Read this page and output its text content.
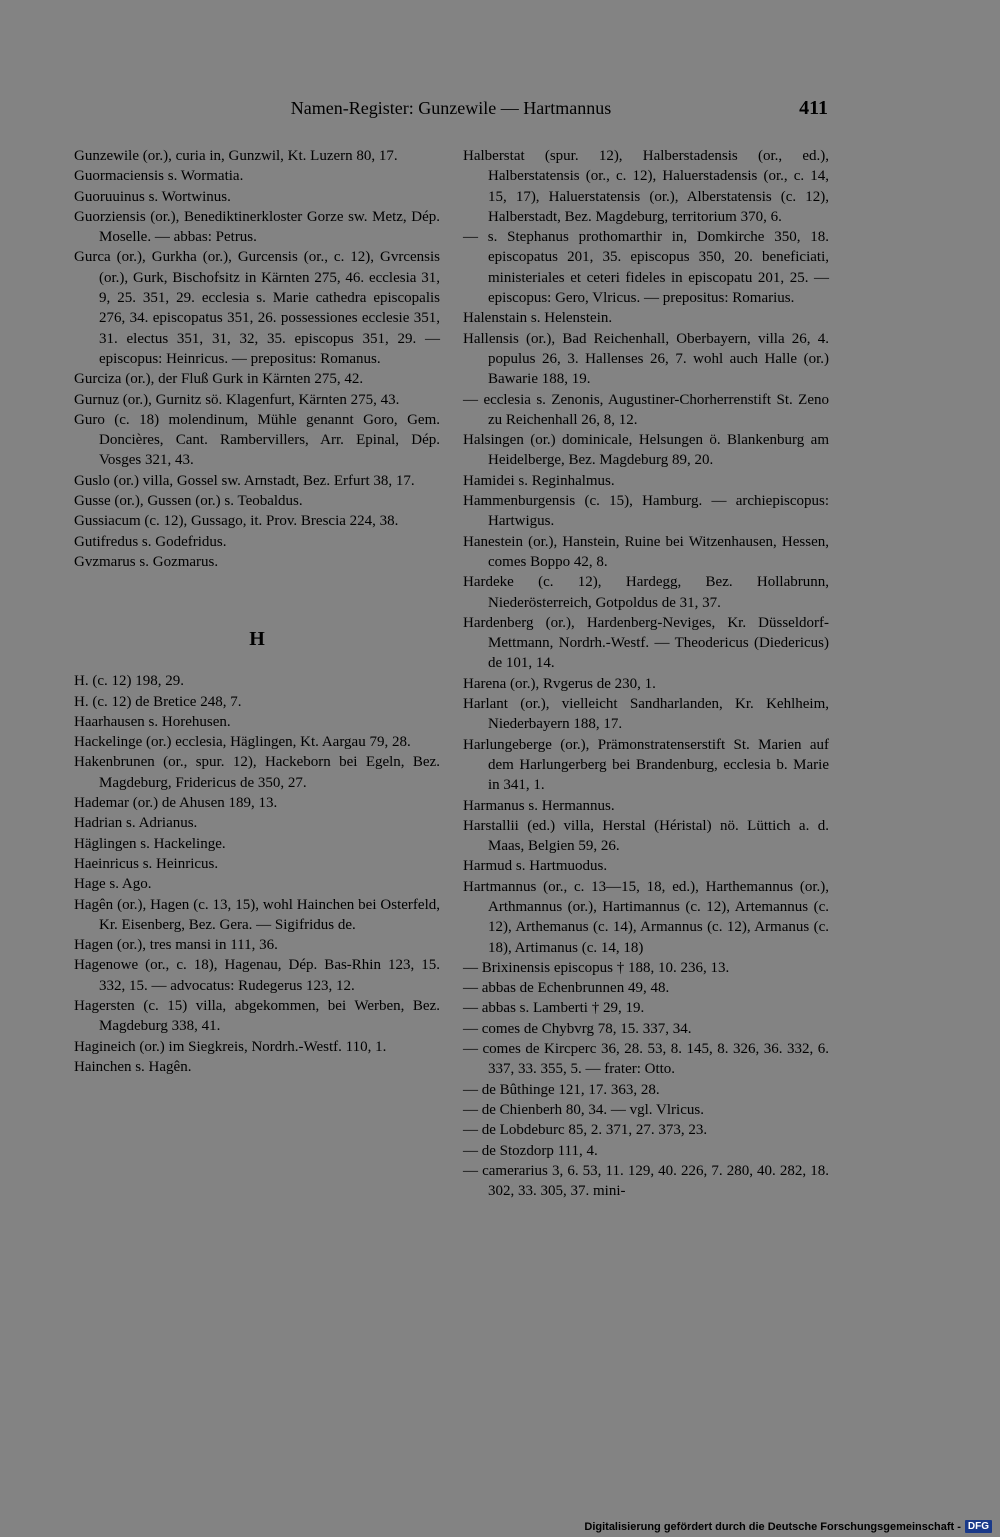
Namen-Register: Gunzewile — Hartmannus	411
Gunzewile (or.), curia in, Gunzwil, Kt. Luzern 80, 17.
Guormaciensis s. Wormatia.
Guoruuinus s. Wortwinus.
Guorziensis (or.), Benediktinerkloster Gorze sw. Metz, Dép. Moselle. — abbas: Petrus.
Gurca (or.), Gurkha (or.), Gurcensis (or., c. 12), Gvrcensis (or.), Gurk, Bischofsitz in Kärnten 275, 46. ecclesia 31, 9, 25. 351, 29. ecclesia s. Marie cathedra episcopalis 276, 34. episcopatus 351, 26. possessiones ecclesie 351, 31. electus 351, 31, 32, 35. episcopus 351, 29. — episcopus: Heinricus. — prepositus: Romanus.
Gurciza (or.), der Fluß Gurk in Kärnten 275, 42.
Gurnuz (or.), Gurnitz sö. Klagenfurt, Kärnten 275, 43.
Guro (c. 18) molendinum, Mühle genannt Goro, Gem. Doncières, Cant. Rambervillers, Arr. Epinal, Dép. Vosges 321, 43.
Guslo (or.) villa, Gossel sw. Arnstadt, Bez. Erfurt 38, 17.
Gusse (or.), Gussen (or.) s. Teobaldus.
Gussiacum (c. 12), Gussago, it. Prov. Brescia 224, 38.
Gutifredus s. Godefridus.
Gvzmarus s. Gozmarus.
H
H. (c. 12) 198, 29.
H. (c. 12) de Bretice 248, 7.
Haarhausen s. Horehusen.
Hackelinge (or.) ecclesia, Häglingen, Kt. Aargau 79, 28.
Hakenbrunen (or., spur. 12), Hackeborn bei Egeln, Bez. Magdeburg, Fridericus de 350, 27.
Hademar (or.) de Ahusen 189, 13.
Hadrian s. Adrianus.
Häglingen s. Hackelinge.
Haeinricus s. Heinricus.
Hage s. Ago.
Hagên (or.), Hagen (c. 13, 15), wohl Hainchen bei Osterfeld, Kr. Eisenberg, Bez. Gera. — Sigifridus de.
Hagen (or.), tres mansi in 111, 36.
Hagenowe (or., c. 18), Hagenau, Dép. Bas-Rhin 123, 15. 332, 15. — advocatus: Rudegerus 123, 12.
Hagersten (c. 15) villa, abgekommen, bei Werben, Bez. Magdeburg 338, 41.
Hagineich (or.) im Siegkreis, Nordrh.-Westf. 110, 1.
Hainchen s. Hagên.
Halberstat (spur. 12), Halberstadensis (or., ed.), Halberstatensis (or., c. 12), Haluerstadensis (or., c. 14, 15, 17), Haluerstatensis (or.), Alberstatensis (c. 12), Halberstadt, Bez. Magdeburg, territorium 370, 6.
— s. Stephanus prothomarthir in, Domkirche 350, 18. episcopatus 201, 35. episcopus 350, 20. beneficiati, ministeriales et ceteri fideles in episcopatu 201, 25. — episcopus: Gero, Vlricus. — prepositus: Romarius.
Halenstain s. Helenstein.
Hallensis (or.), Bad Reichenhall, Oberbayern, villa 26, 4. populus 26, 3. Hallenses 26, 7. wohl auch Halle (or.) Bawarie 188, 19.
— ecclesia s. Zenonis, Augustiner-Chorherrenstift St. Zeno zu Reichenhall 26, 8, 12.
Halsingen (or.) dominicale, Helsungen ö. Blankenburg am Heidelberge, Bez. Magdeburg 89, 20.
Hamidei s. Reginhalmus.
Hammenburgensis (c. 15), Hamburg. — archiepiscopus: Hartwigus.
Hanestein (or.), Hanstein, Ruine bei Witzenhausen, Hessen, comes Boppo 42, 8.
Hardeke (c. 12), Hardegg, Bez. Hollabrunn, Niederösterreich, Gotpoldus de 31, 37.
Hardenberg (or.), Hardenberg-Neviges, Kr. Düsseldorf-Mettmann, Nordrh.-Westf. — Theodericus (Diedericus) de 101, 14.
Harena (or.), Rvgerus de 230, 1.
Harlant (or.), vielleicht Sandharlanden, Kr. Kehlheim, Niederbayern 188, 17.
Harlungeberge (or.), Prämonstratenserstift St. Marien auf dem Harlungerberg bei Brandenburg, ecclesia b. Marie in 341, 1.
Harmanus s. Hermannus.
Harstallii (ed.) villa, Herstal (Héristal) nö. Lüttich a. d. Maas, Belgien 59, 26.
Harmud s. Hartmuodus.
Hartmannus (or., c. 13—15, 18, ed.), Harthemannus (or.), Arthmannus (or.), Hartimannus (c. 12), Artemannus (c. 12), Arthemanus (c. 14), Armannus (c. 12), Armanus (c. 18), Artimanus (c. 14, 18)
— Brixinensis episcopus † 188, 10. 236, 13.
— abbas de Echenbrunnen 49, 48.
— abbas s. Lamberti † 29, 19.
— comes de Chybvrg 78, 15. 337, 34.
— comes de Kircperc 36, 28. 53, 8. 145, 8. 326, 36. 332, 6. 337, 33. 355, 5. — frater: Otto.
— de Bûthinge 121, 17. 363, 28.
— de Chienberh 80, 34. — vgl. Vlricus.
— de Lobdeburc 85, 2. 371, 27. 373, 23.
— de Stozdorp 111, 4.
— camerarius 3, 6. 53, 11. 129, 40. 226, 7. 280, 40. 282, 18. 302, 33. 305, 37. mini-
Digitalisierung gefördert durch die Deutsche Forschungsgemeinschaft - DFG
